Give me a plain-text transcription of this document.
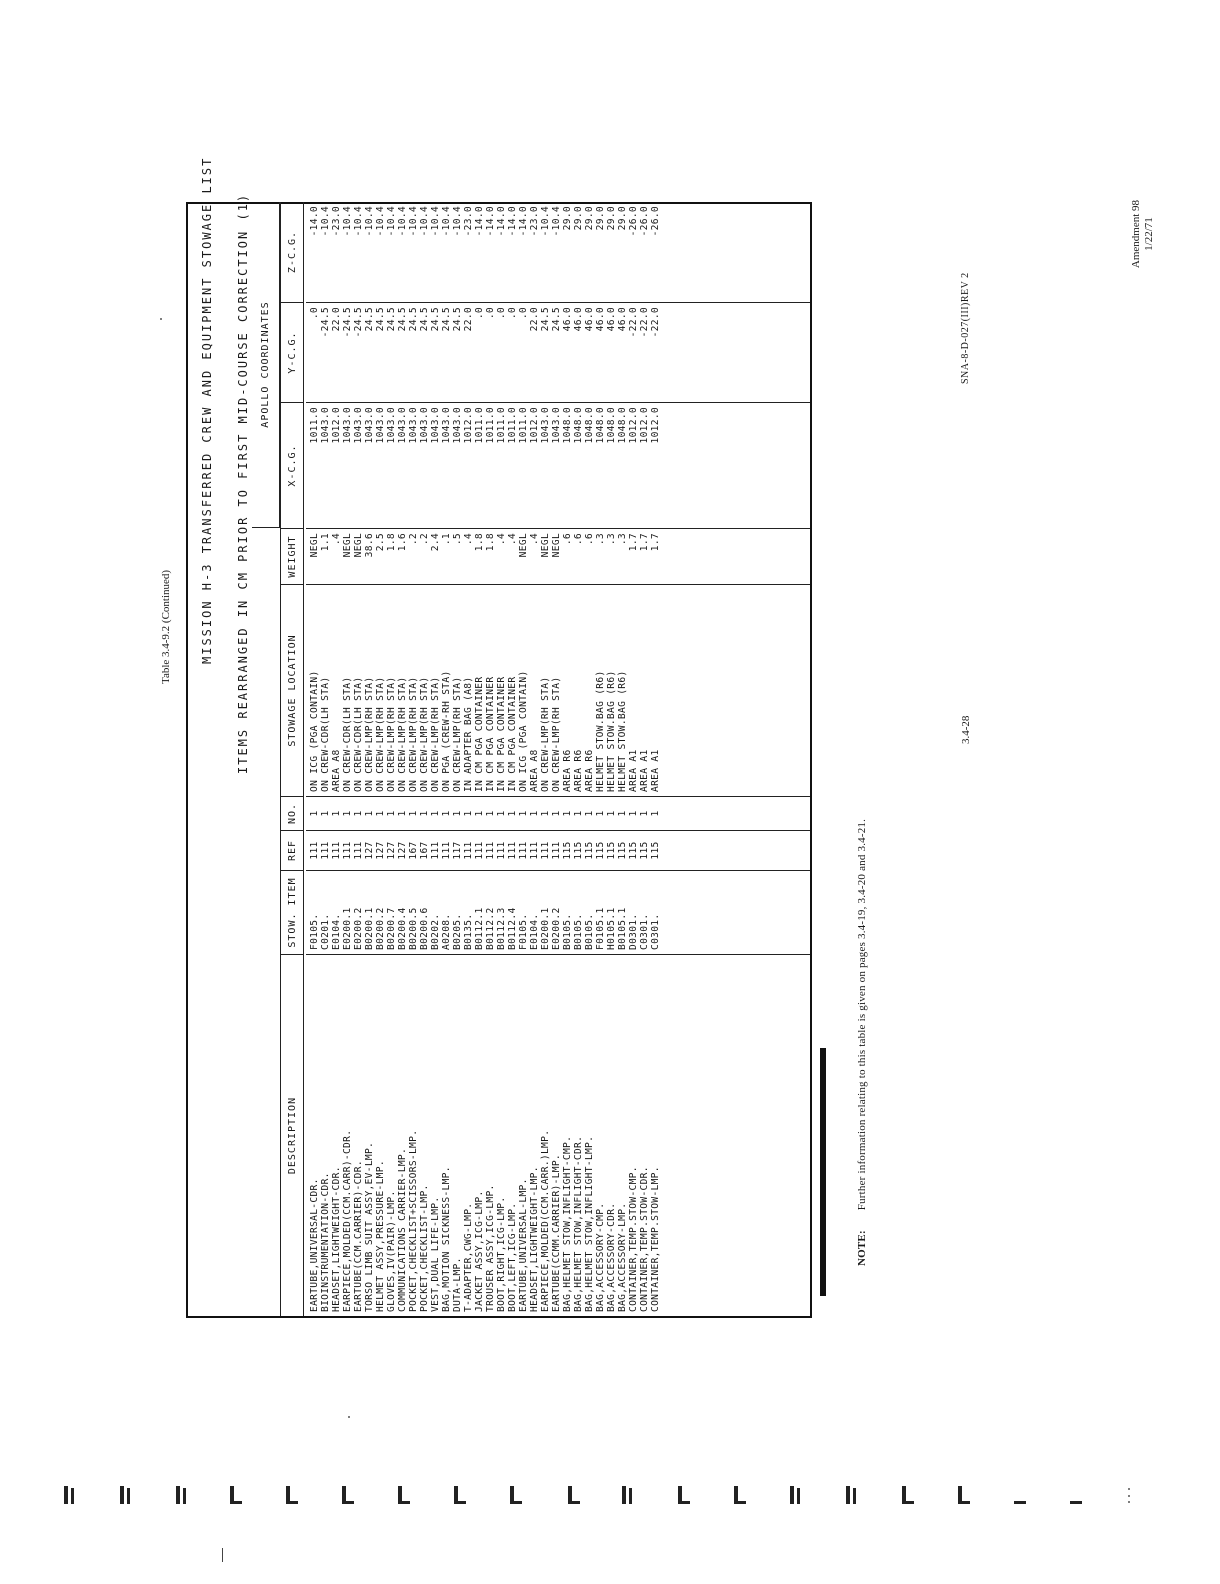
Amendment 98 1/22/71
SNA-8-D-027(III)REV 2
3.4-28
Table 3.4-9.2 (Continued) MISSION H-3 TRANSFERRED CREW AND EQUIPMENT STOWAGE LIST ITEMS REARRANGED IN CM PRIOR TO FIRST MID-COURSE CORRECTION (1)	APOLLO COORDINATES
DESCRIPTION
STOW. ITEM
REF
NO.
STOWAGE LOCATION
WEIGHT
X-C.G.
Y-C.G.
Z-C.G.
EARTUBE,UNIVERSAL-CDR. BIOINSTRUMENTATION-CDR. HEADSET,LIGHTWEIGHT-CDR. EARPIECE,MOLDED(CCM.CARR)-CDR. EARTUBE(CCM.CARRIER)-CDR. TORSO LIMB SUIT ASSY,EV-LMP. HELMET ASSY,PRESSURE-LMP. GLOVES,IV(PAIR)-LMP. COMMUNICATIONS CARRIER-LMP. POCKET,CHECKLIST+SCISSORS-LMP. POCKET,CHECKLIST-LMP. VEST,DUAL LIFE-LMP. BAG,MOTION SICKNESS-LMP. DUTA-LMP. T-ADAPTER,CWG-LMP. JACKET ASSY,ICG-LMP. TROUSER ASSY,ICG-LMP. BOOT,RIGHT,ICG-LMP. BOOT,LEFT,ICG-LMP. EARTUBE,UNIVERSAL-LMP. HEADSET,LIGHTWEIGHT-LMP. EARPIECE,MOLDED(CCM.CARR.)LMP. EARTUBE(CCMM.CARRIER)-LMP. BAG,HELMET STOW,INFLIGHT-CMP. BAG,HELMET STOW,INFLIGHT-CDR. BAG,HELMET STOW,INFLIGHT-LMP. BAG,ACCESSORY-CMP. BAG,ACCESSORY-CDR. BAG,ACCESSORY-LMP. CONTAINER,TEMP.STOW-CMP. CONTAINER,TEMP.STOW-CDR. CONTAINER,TEMP.STOW-LMP.
F0105. C0201. E0104. E0200.1 E0200.2 B0200.1 B0200.2 B0200.7 B0200.4 B0200.5 B0200.6 B0202. A0208. B0205. B0135. B0112.1 B0112.2 B0112.3 B0112.4 F0105. E0104. E0200.1 E0200.2 B0105. B0105. B0105. F0105.1 H0105.1 B0105.1 D0301. C0301. C0301.
111 111 111 111 111 127 127 127 127 167 167 111 111 117 111 111 111 111 111 111 111 111 111 115 115 115 115 115 115 115 115 115
1 1 1 1 1 1 1 1 1 1 1 1 1 1 1 1 1 1 1 1 1 1 1 1 1 1 1 1 1 1 1 1
ON ICG (PGA CONTAIN) ON CREW-CDR(LH STA) AREA A8 ON CREW-CDR(LH STA) ON CREW-CDR(LH STA) ON CREW-LMP(RH STA) ON CREW-LMP(RH STA) ON CREW-LMP(RH STA) ON CREW-LMP(RH STA) ON CREW-LMP(RH STA) ON CREW-LMP(RH STA) ON CREW-LMP(RH STA) ON PGA (CREW-RH STA) ON CREW-LMP(RH STA) IN ADAPTER BAG (A8) IN CM PGA CONTAINER IN CM PGA CONTAINER IN CM PGA CONTAINER IN CM PGA CONTAINER ON ICG (PGA CONTAIN) AREA A8 ON CREW-LMP(RH STA) ON CREW-LMP(RH STA) AREA R6 AREA R6 AREA R6 HELMET STOW.BAG (R6) HELMET STOW.BAG (R6) HELMET STOW.BAG (R6) AREA A1 AREA A1 AREA A1
NEGL 1.1 .4 NEGL NEGL 38.6 2.5 1.8 1.6 .2 .2 2.4 .1 .5 .4 1.8 1.8 .4 .4 NEGL .4 NEGL NEGL .6 .6 .6 .3 .3 .3 1.7 1.7 1.7
1011.0 1043.0 1012.0 1043.0 1043.0 1043.0 1043.0 1043.0 1043.0 1043.0 1043.0 1043.0 1043.0 1043.0 1012.0 1011.0 1011.0 1011.0 1011.0 1011.0 1012.0 1043.0 1043.0 1048.0 1048.0 1048.0 1048.0 1048.0 1048.0 1012.0 1012.0 1012.0
.0 -24.5 22.0 -24.5 -24.5 24.5 24.5 24.5 24.5 24.5 24.5 24.5 24.5 24.5 22.0 .0 .0 .0 .0 .0 22.0 24.5 24.5 46.0 46.0 46.0 46.0 46.0 46.0 -22.0 -22.0 -22.0
-14.0 -10.4 -23.0 -10.4 -10.4 -10.4 -10.4 -10.4 -10.4 -10.4 -10.4 -10.4 -10.4 -10.4 -23.0 -14.0 -14.0 -14.0 -14.0 -14.0 -23.0 -10.4 -10.4 29.0 29.0 29.0 29.0 29.0 29.0 -26.0 -26.0 -26.0
NOTE:  Further information relating to this table is given on pages 3.4-19, 3.4-20 and 3.4-21.
